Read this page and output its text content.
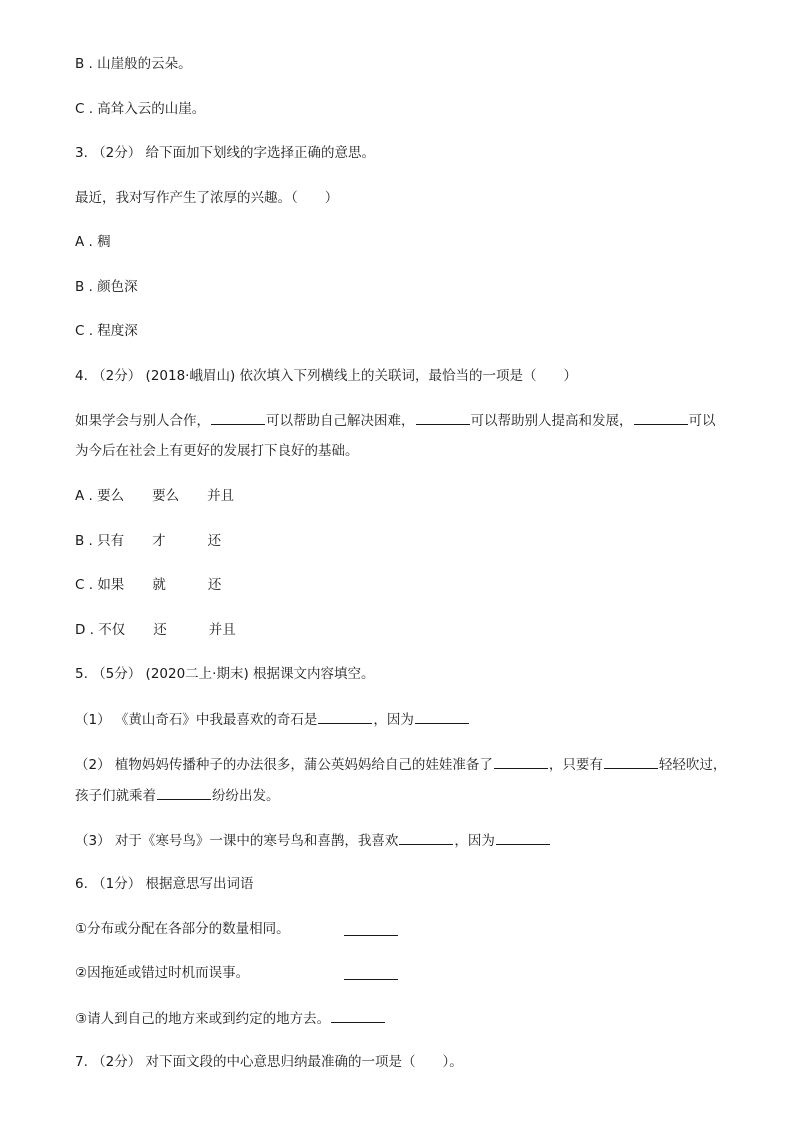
B . 山崖般的云朵。
C . 高耸入云的山崖。
3. （2分） 给下面加下划线的字选择正确的意思。
最近，我对写作产生了浓厚的兴趣。（　　）
A . 稠
B . 颜色深
C . 程度深
4. （2分） (2018·峨眉山) 依次填入下列横线上的关联词，最恰当的一项是（　　）
如果学会与别人合作，	可以帮助自己解决困难，	可以帮助别人提高和发展，	可以
为今后在社会上有更好的发展打下良好的基础。
A . 要么 要么 并且
B . 只有 才	还
C . 如果 就	还
D . 不仅 还	并且
5. （5分） (2020二上·期末) 根据课文内容填空。
（1） 《黄山奇石》中我最喜欢的奇石是	，因为
（2） 植物妈妈传播种子的办法很多，蒲公英妈妈给自己的娃娃准备了	，只要有	轻轻吹过，
孩子们就乘着	纷纷出发。
（3） 对于《寒号鸟》一课中的寒号鸟和喜鹊，我喜欢	，因为
6. （1分） 根据意思写出词语
①分布或分配在各部分的数量相同。
②因拖延或错过时机而误事。
③请人到自己的地方来或到约定的地方去。
7. （2分） 对下面文段的中心意思归纳最准确的一项是（　　）。
